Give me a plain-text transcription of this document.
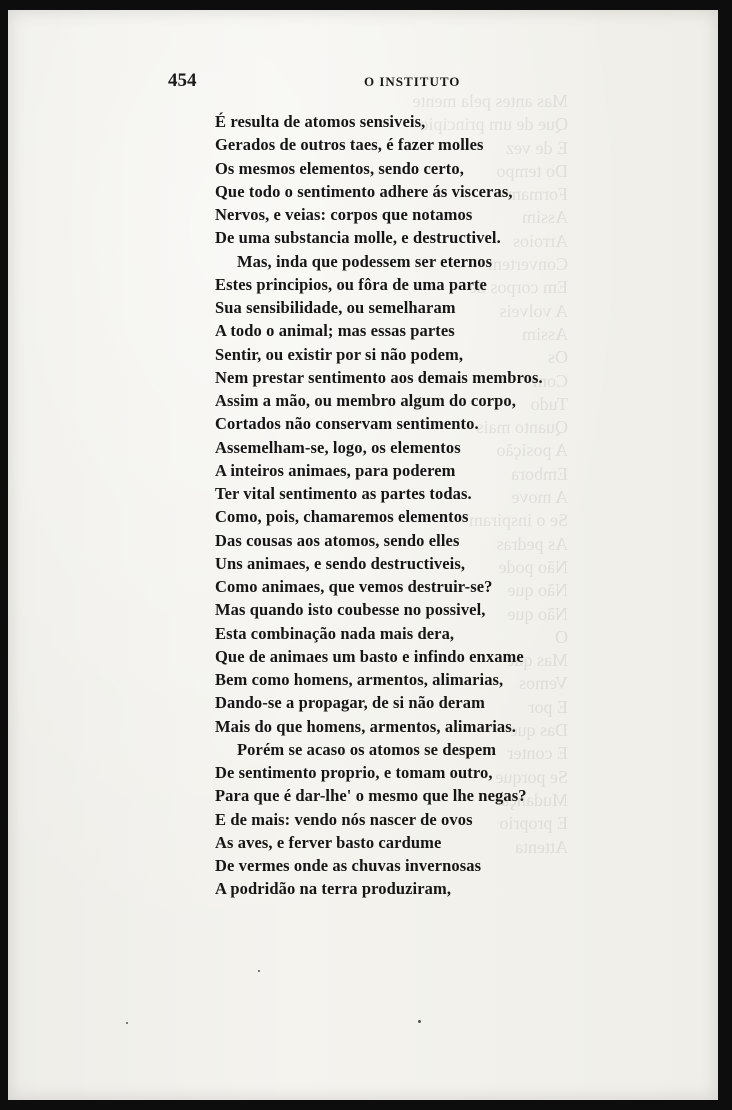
Mas antes pela mente
Que de um principio
E de vez
Do tempo
Formam
Assim
Arroios
Convertem
Em corpos de
A volveis
Assim
Os
Com
Tudo
Quanto mais
A posição
Embora
A move
Se o inspiram
As pedras
Não pode
Não que
Não que
O
Mas que
Vemos
E por
Das que
E conter
Se porque
Mudança
E proprio
Attenta
454	O INSTITUTO
É resulta de atomos sensiveis,
Gerados de outros taes, é fazer molles
Os mesmos elementos, sendo certo,
Que todo o sentimento adhere ás visceras,
Nervos, e veias: corpos que notamos
De uma substancia molle, e destructivel.
Mas, inda que podessem ser eternos
Estes principios, ou fôra de uma parte
Sua sensibilidade, ou semelharam
A todo o animal; mas essas partes
Sentir, ou existir por si não podem,
Nem prestar sentimento aos demais membros.
Assim a mão, ou membro algum do corpo,
Cortados não conservam sentimento.
Assemelham-se, logo, os elementos
A inteiros animaes, para poderem
Ter vital sentimento as partes todas.
Como, pois, chamaremos elementos
Das cousas aos atomos, sendo elles
Uns animaes, e sendo destructiveis,
Como animaes, que vemos destruir-se?
Mas quando isto coubesse no possivel,
Esta combinação nada mais dera,
Que de animaes um basto e infindo enxame
Bem como homens, armentos, alimarias,
Dando-se a propagar, de si não deram
Mais do que homens, armentos, alimarias.
Porém se acaso os atomos se despem
De sentimento proprio, e tomam outro,
Para que é dar-lhe' o mesmo que lhe negas?
E de mais: vendo nós nascer de ovos
As aves, e ferver basto cardume
De vermes onde as chuvas invernosas
A podridão na terra produziram,
